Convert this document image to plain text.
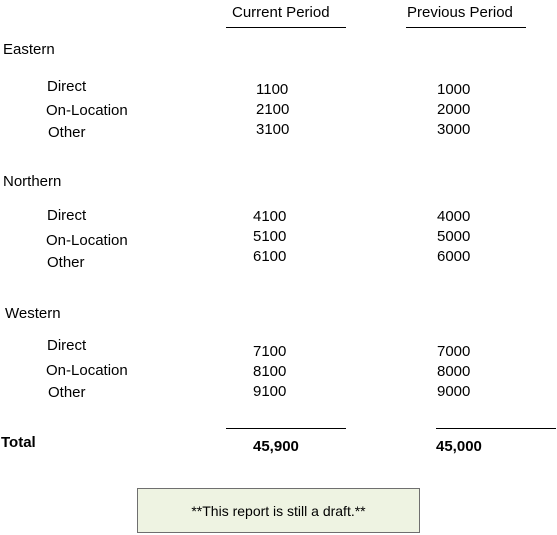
Current Period	Previous Period
Eastern
Direct	1100	1000
On-Location	2100	2000
Other	3100	3000
Northern
Direct	4100	4000
On-Location	5100	5000
Other	6100	6000
Western
Direct	7100	7000
On-Location	8100	8000
Other	9100	9000
Total	45,900	45,000
**This report is still a draft.**
